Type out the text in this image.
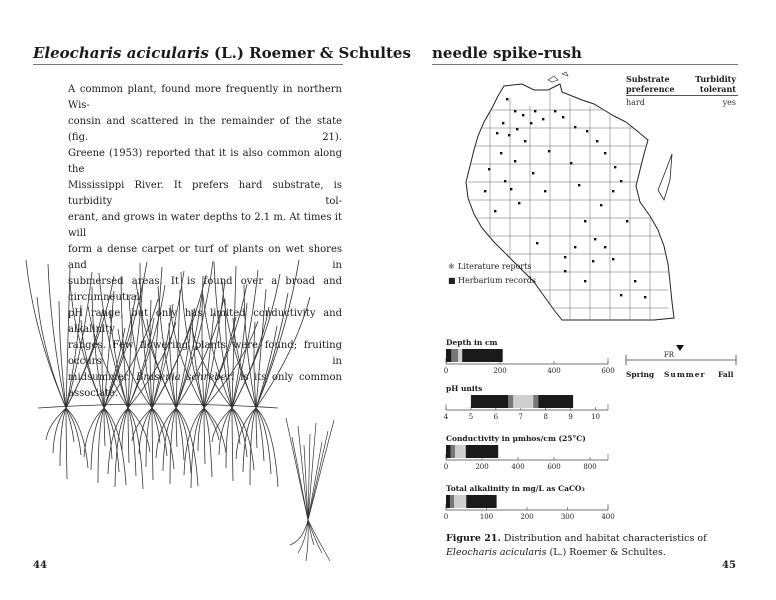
Eleocharis acicularis (L.) Roemer & Schultes
A common plant, found more frequently in northern Wis-
consin and scattered in the remainder of the state (fig. 21).
Greene (1953) reported that it is also common along the
Mississippi River. It prefers hard substrate, is turbidity tol-
erant, and grows in water depths to 2.1 m. At times it will
form a dense carpet or turf of plants on wet shores and in
submersed areas. It is found over a broad and circumneutral
pH range, but only has limited conductivity and alkalinity
ranges. Few flowering plants were found; fruiting occurs in
midsummer. Brasenia schreberi is its only common associate.
44
needle spike-rush
Substrate
preference
Turbidity
tolerant
hard	yes
✱ Literature reports
■ Herbarium records
Depth in cm
0	200	400	600
pH units
4	5	6	7	8	9	10
Conductivity in µmhos/cm (25°C)
0	200	400	600	800
Total alkalinity in mg/L as CaCO₃
0	100	200	300	400
FR
Spring Summer Fall
Figure 21. Distribution and habitat characteristics of Eleocharis acicularis (L.) Roemer & Schultes.
45
